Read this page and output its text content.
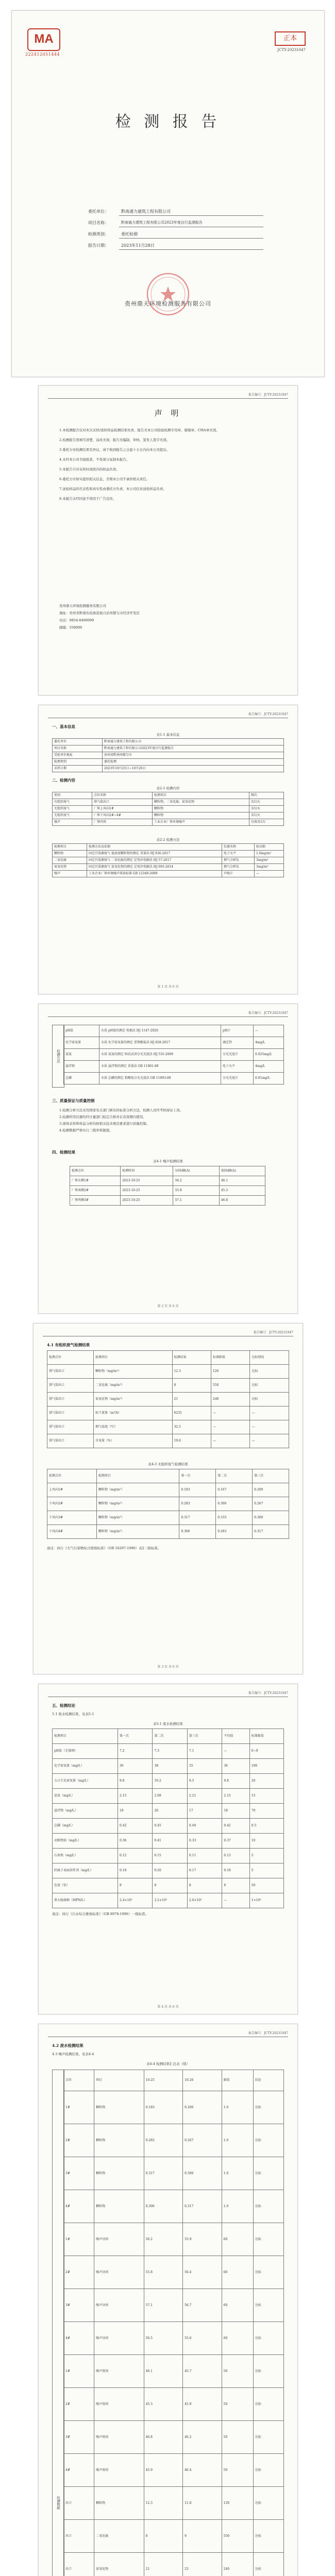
MA
222412051444
正本
JCTY-20231047
检 测 报 告
委托单位：	黔南通力建筑工程有限公司
项目名称：	黔南通力建筑工程有限公司2023年度自行监测报告
检测类别：	委托检测
报告日期：	2023年11月28日
贵州鼎天环境检测服务有限公司
报告编号：JCTY-20231047
声 明
1.本检测报告仅对本次采样/送样样品检测结果负责，报告无本公司检验检测专用章、骑缝章、CMA章无效。
2.检测报告需填写清楚，涂改无效；报告无编制、审核、签发人签字无效。
3.委托方对检测结果有异议，请于收到报告之日起十五日内向本公司提出。
4.未经本公司书面批准，不得部分复制本报告。
5.本报告只对采样时间段内的样品负责。
6.委托方应如实提供相关信息，否则本公司不承担相关责任。
7.送检样品的代表性和真实性由委托方负责，本公司仅对送检样品负责。
8.本报告未经同意不得用于广告宣传。
贵州鼎天环境检测服务有限公司
地址：贵州省黔南布依族苗族自治州都匀市经济开发区
电话：0854-8400099
邮编：558000
报告编号：JCTY-20231047
一、基本信息
表1-1 基本信息
委托单位	黔南通力建筑工程有限公司
项目名称	黔南通力建筑工程有限公司2023年度自行监测报告
受检单位地址	贵州省黔南州都匀市
检测类别	委托检测
采样日期	2023年10月25日~10月26日
二、检测内容
表2-1 检测内容
类别	点位名称	检测项目	频次
有组织废气	排气筒出口	颗粒物、二氧化硫、氮氧化物	3次/天
无组织废气	厂界上风向1#	颗粒物	3次/天
无组织废气	厂界下风向2#~4#	颗粒物	3次/天
噪声	厂界四周	工业企业厂界环境噪声	昼夜各1次
表2-2 检测方法
检测项目	检测方法及依据	仪器名称	检出限
颗粒物	固定污染源废气 低浓度颗粒物的测定 重量法 HJ 836-2017	电子天平	1.0mg/m³
二氧化硫	固定污染源废气 二氧化硫的测定 定电位电解法 HJ 57-2017	烟气分析仪	3mg/m³
氮氧化物	固定污染源废气 氮氧化物的测定 定电位电解法 HJ 693-2014	烟气分析仪	3mg/m³
噪声	工业企业厂界环境噪声排放标准 GB 12348-2008	声级计	—
第 1 页 共 6 页
报告编号：JCTY-20231047
检测方法
pH值	水质 pH值的测定 电极法 HJ 1147-2020	pH计	—
化学需氧量	水质 化学需氧量的测定 重铬酸盐法 HJ 828-2017	滴定管	4mg/L
氨氮	水质 氨氮的测定 纳氏试剂分光光度法 HJ 535-2009	分光光度计	0.025mg/L
悬浮物	水质 悬浮物的测定 重量法 GB 11901-89	电子天平	4mg/L
总磷	水质 总磷的测定 钼酸铵分光光度法 GB 11893-89	分光光度计	0.01mg/L
三、质量保证与质量控制
1.检测分析方法采用国家有关部门颁布的标准分析方法，检测人员经考核持证上岗。
2.检测所用仪器均经计量部门检定合格并在有效期内使用。
3.现场采样和样品分析均按相关技术规范要求进行质量控制。
4.检测数据严格实行三级审核制度。
四、检测结果
表4-1 噪声检测结果
检测点位	检测时间	昼间dB(A)	夜间dB(A)
厂界东侧1#	2023-10-25	56.2	46.1
厂界南侧2#	2023-10-25	55.8	45.3
厂界西侧3#	2023-10-25	57.1	46.8
第 2 页 共 6 页
报告编号：JCTY-20231047
4.1 有组织废气检测结果
检测点位	检测项目	检测结果	标准限值	达标情况
排气筒出口	颗粒物（mg/m³）	12.3	120	达标
排气筒出口	二氧化硫（mg/m³）	8	550	达标
排气筒出口	氮氧化物（mg/m³）	21	240	达标
排气筒出口	标干流量（m³/h）	6235	—	—
排气筒出口	烟气温度（℃）	32.5	—	—
排气筒出口	含氧量（%）	19.6	—	—
表4-3 无组织废气检测结果
检测点位	检测项目	第一次	第二次	第三次
上风向1#	颗粒物（mg/m³）	0.183	0.167	0.200
下风向2#	颗粒物（mg/m³）	0.283	0.300	0.267
下风向3#	颗粒物（mg/m³）	0.317	0.333	0.300
下风向4#	颗粒物（mg/m³）	0.300	0.283	0.317
备注：执行《大气污染物综合排放标准》（GB 16297-1996）表2二级标准。
第 3 页 共 6 页
报告编号：JCTY-20231047
五、检测结论
5.1 废水检测结果，见表5-1
表5-1 废水检测结果
检测项目	第一次	第二次	第三次	平均值	标准限值
pH值（无量纲）	7.2	7.3	7.1	—	6~9
化学需氧量（mg/L）	36	38	35	36	100
五日生化需氧量（mg/L）	9.8	10.2	9.5	9.8	20
氨氮（mg/L）	2.15	2.08	2.21	2.15	15
悬浮物（mg/L）	18	20	17	18	70
总磷（mg/L）	0.42	0.45	0.40	0.42	0.5
动植物油（mg/L）	0.36	0.41	0.33	0.37	10
石油类（mg/L）	0.12	0.15	0.11	0.13	5
阴离子表面活性剂（mg/L）	0.18	0.20	0.17	0.18	5
色度（倍）	8	8	8	8	50
粪大肠菌群（MPN/L）	2.4×10³	2.2×10³	2.6×10³	—	1×10⁴
备注：执行《污水综合排放标准》（GB 8978-1996）一级标准。
第 4 页 共 6 页
报告编号：JCTY-20231047
4.2 废水检测结果
4.3 噪声检测结果，见表4-4
表4-4 检测结果汇总表（续）
检测数据
点位	项目	10-25	10-26	限值	结论
1#	颗粒物	0.183	0.200	1.0	达标
2#	颗粒物	0.283	0.267	1.0	达标
3#	颗粒物	0.317	0.300	1.0	达标
4#	颗粒物	0.300	0.317	1.0	达标
1#	噪声昼间	56.2	55.9	60	达标
2#	噪声昼间	55.8	56.4	60	达标
3#	噪声昼间	57.1	56.7	60	达标
4#	噪声昼间	56.5	55.6	60	达标
1#	噪声夜间	46.1	45.7	50	达标
2#	噪声夜间	45.3	45.9	50	达标
3#	噪声夜间	46.8	46.2	50	达标
4#	噪声夜间	45.9	46.4	50	达标
出口	颗粒物	12.3	11.8	120	达标
出口	二氧化硫	8	9	550	达标
出口	氮氧化物	21	23	240	达标
